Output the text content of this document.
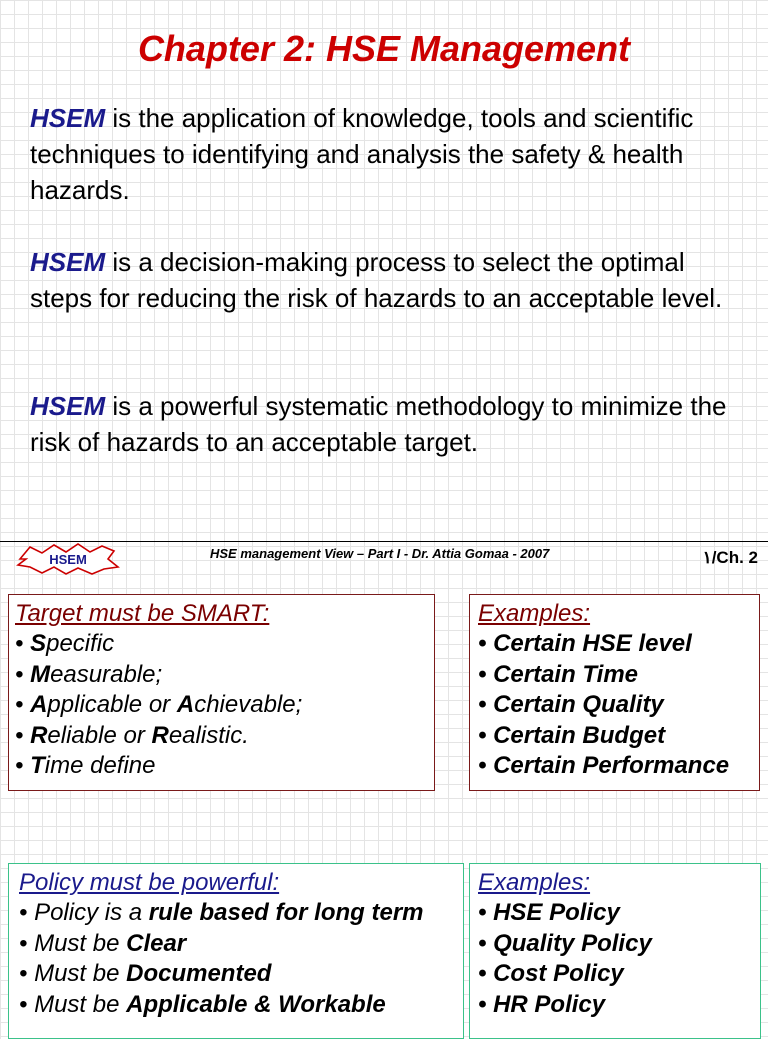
Chapter 2: HSE Management
HSEM is the application of knowledge, tools and scientific techniques to identifying and analysis the safety & health hazards.
HSEM is a decision-making process to select the optimal steps for reducing the risk of hazards to an acceptable level.
HSEM is a powerful systematic methodology to minimize the risk of hazards to an acceptable target.
HSEM	HSE management View – Part I - Dr. Attia Gomaa - 2007	١/Ch. 2
Target must be SMART:
• Specific
• Measurable;
• Applicable or Achievable;
• Reliable or Realistic.
• Time define
Examples:
• Certain HSE level
• Certain Time
• Certain Quality
• Certain Budget
• Certain Performance
Policy must be powerful:
• Policy is a rule based for long term
• Must be Clear
• Must be Documented
• Must be Applicable & Workable
Examples:
• HSE Policy
• Quality Policy
• Cost Policy
• HR Policy
